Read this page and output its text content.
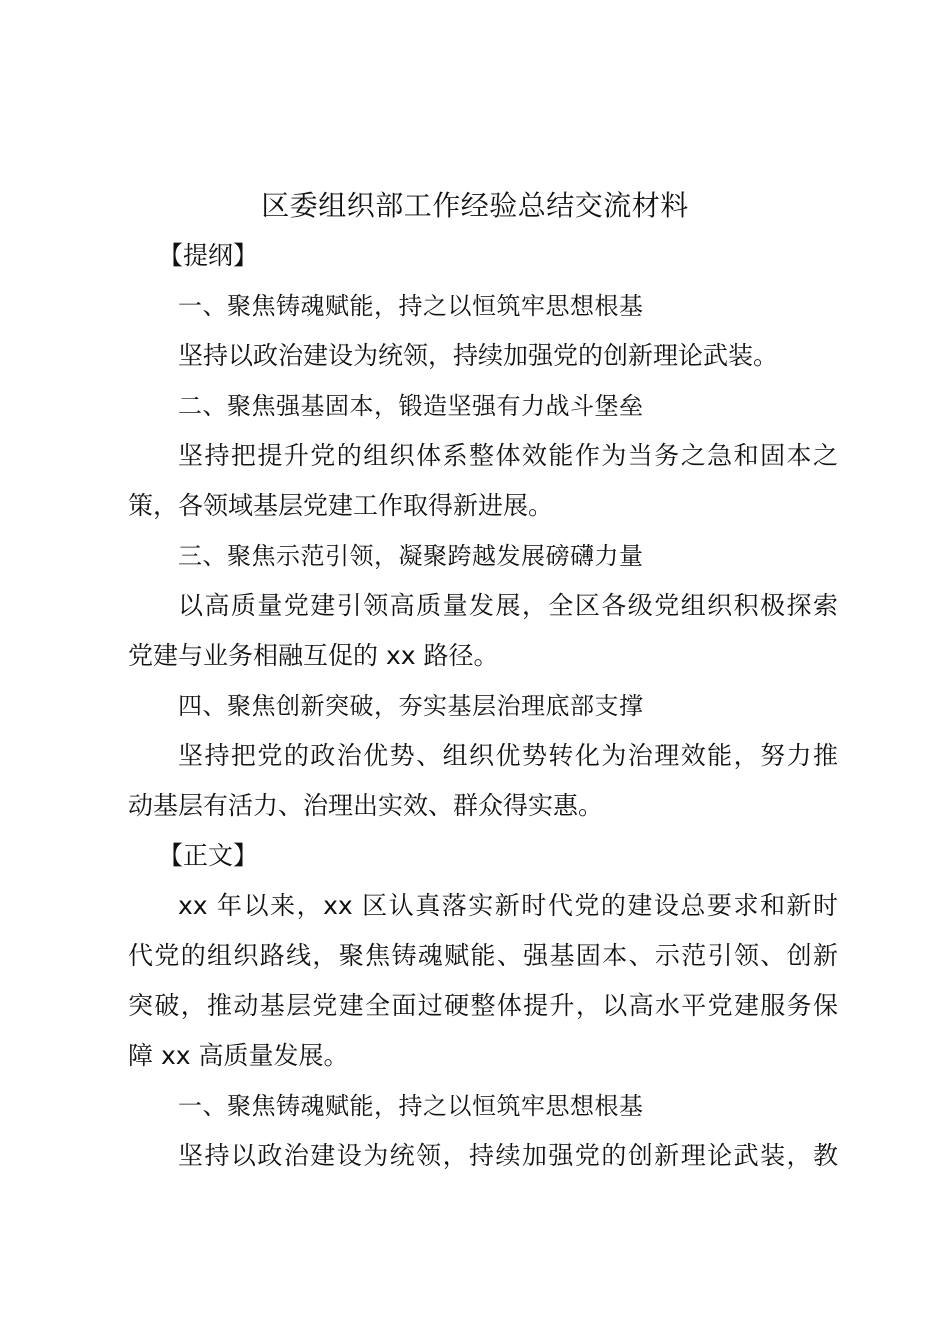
区委组织部工作经验总结交流材料
【提纲】
一、聚焦铸魂赋能，持之以恒筑牢思想根基
坚持以政治建设为统领，持续加强党的创新理论武装。
二、聚焦强基固本，锻造坚强有力战斗堡垒
坚持把提升党的组织体系整体效能作为当务之急和固本之
策，各领域基层党建工作取得新进展。
三、聚焦示范引领，凝聚跨越发展磅礴力量
以高质量党建引领高质量发展，全区各级党组织积极探索
党建与业务相融互促的 xx 路径。
四、聚焦创新突破，夯实基层治理底部支撑
坚持把党的政治优势、组织优势转化为治理效能，努力推
动基层有活力、治理出实效、群众得实惠。
【正文】
xx 年以来，xx 区认真落实新时代党的建设总要求和新时
代党的组织路线，聚焦铸魂赋能、强基固本、示范引领、创新
突破，推动基层党建全面过硬整体提升，以高水平党建服务保
障 xx 高质量发展。
一、聚焦铸魂赋能，持之以恒筑牢思想根基
坚持以政治建设为统领，持续加强党的创新理论武装，教
